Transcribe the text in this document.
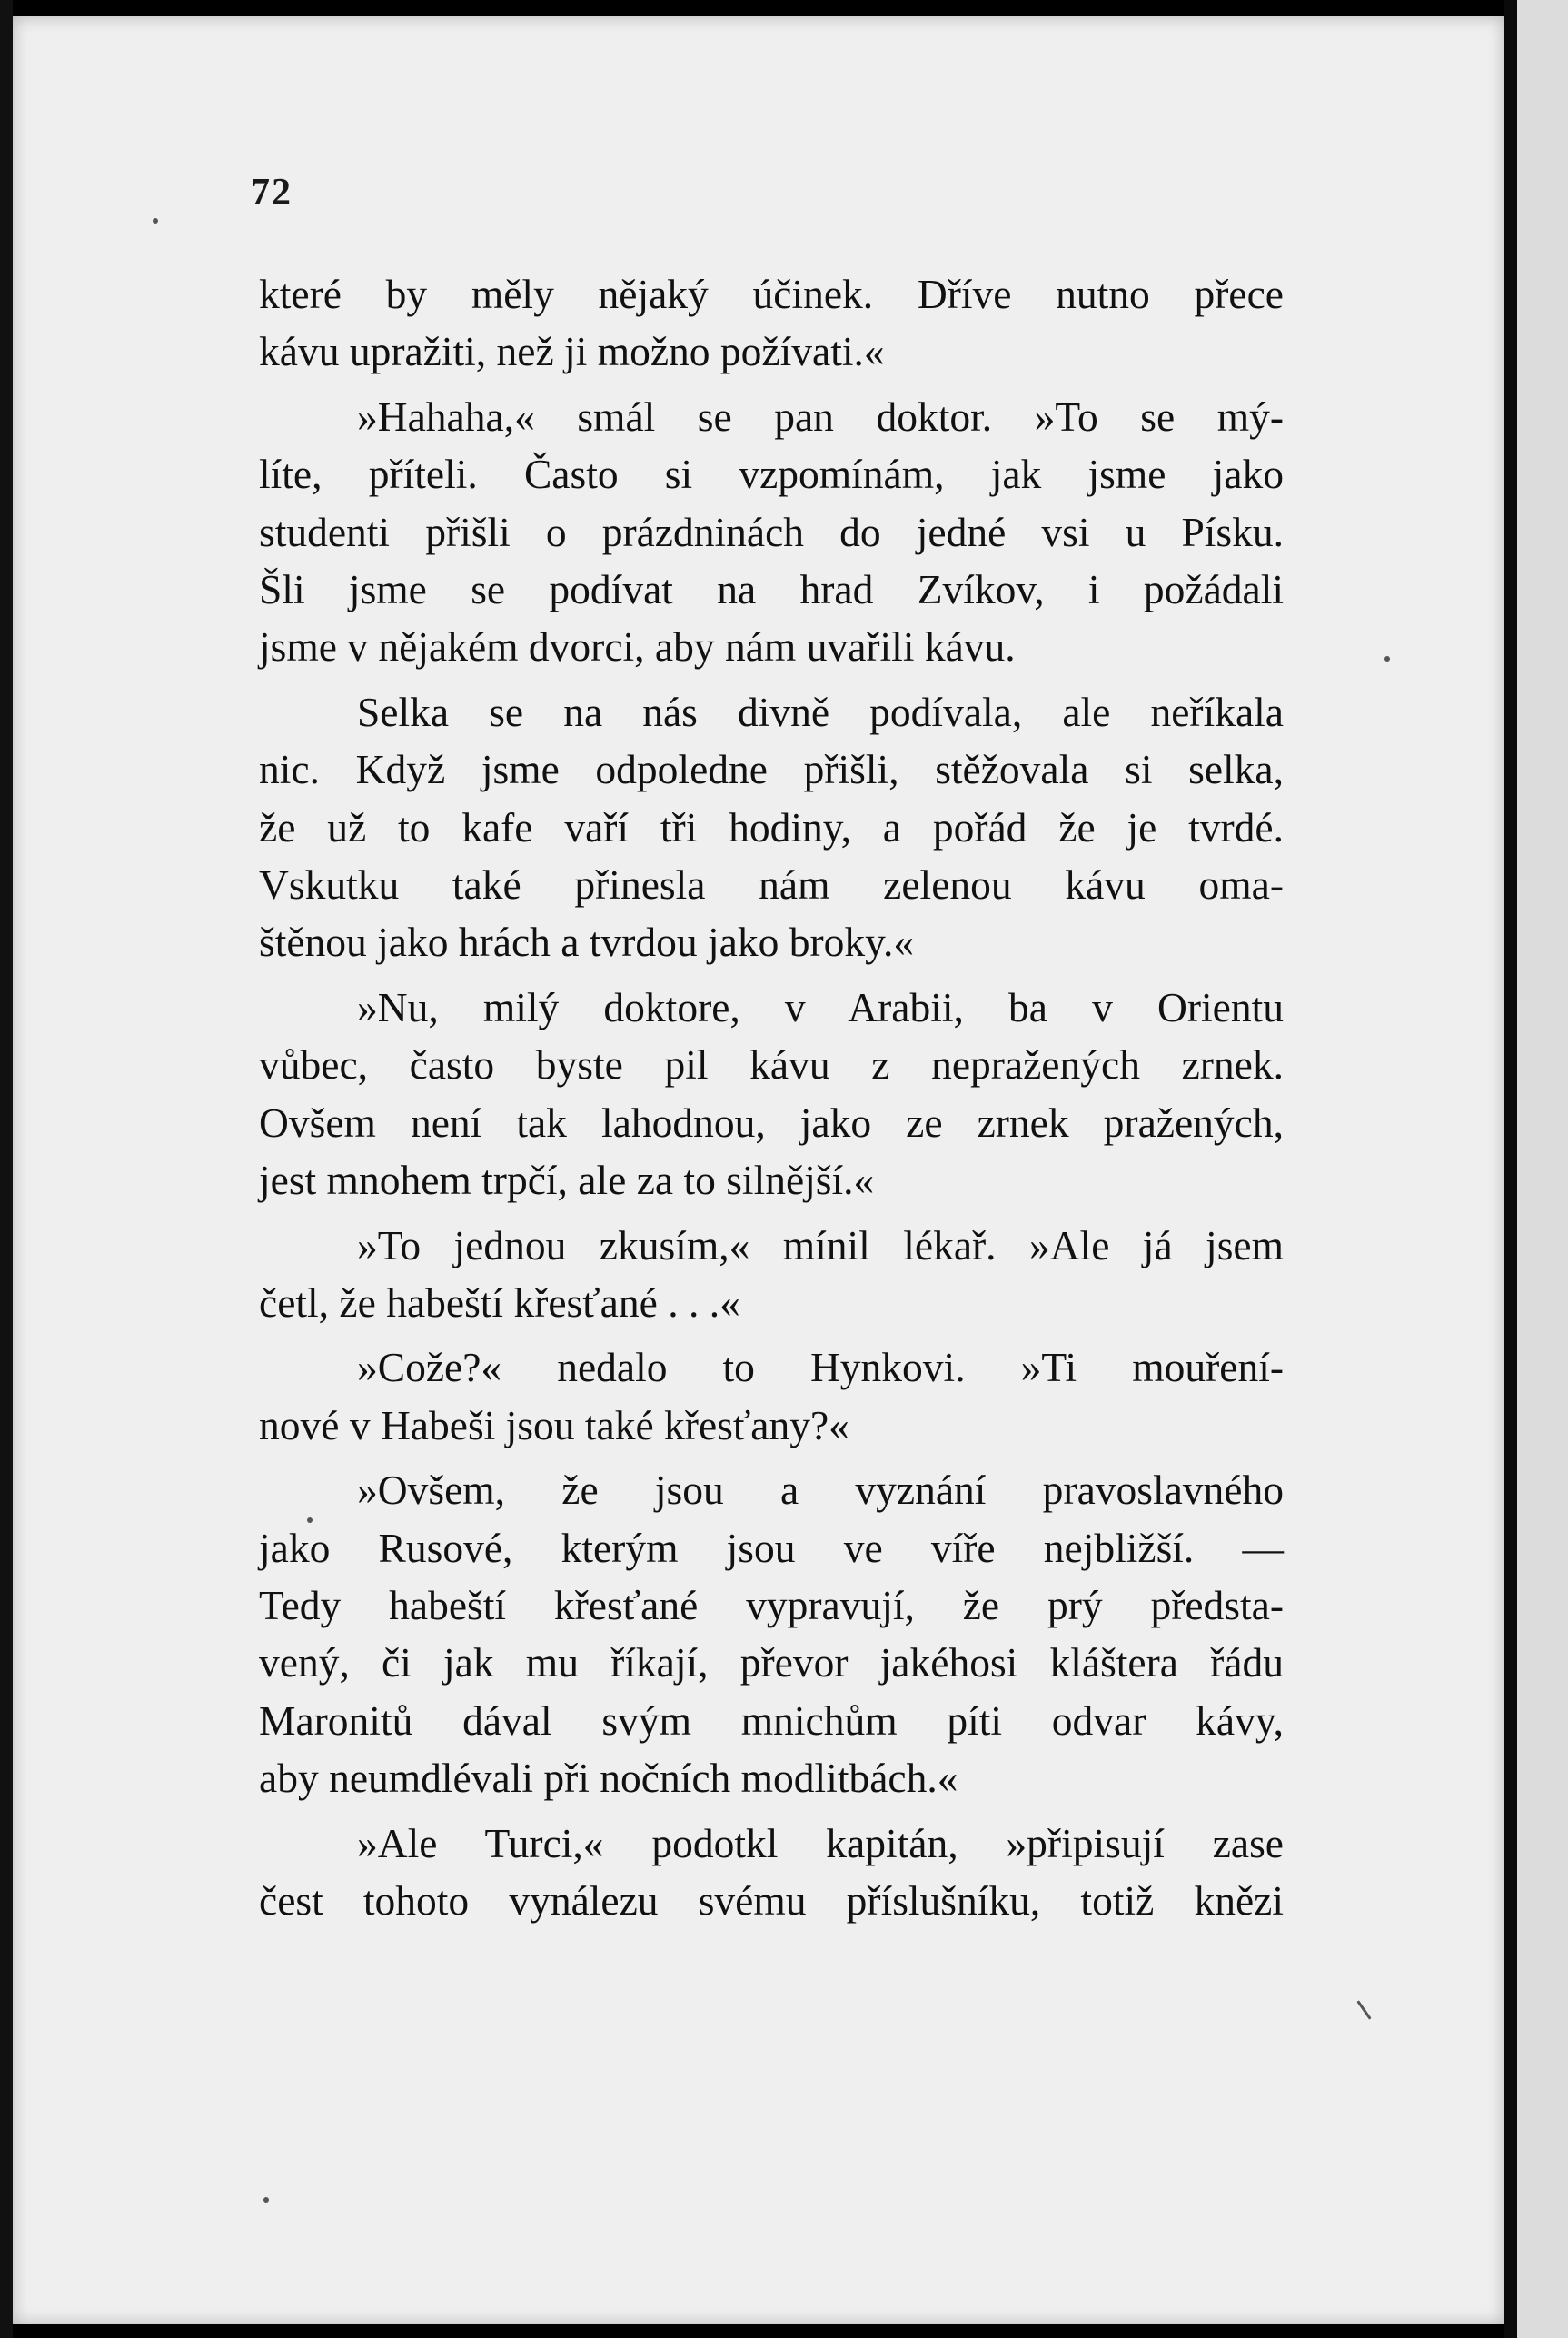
72
které by měly nějaký účinek. Dříve nutno přece
kávu upražiti, než ji možno požívati.«
»Hahaha,« smál se pan doktor. »To se mý-
líte, příteli. Často si vzpomínám, jak jsme jako
studenti přišli o prázdninách do jedné vsi u Písku.
Šli jsme se podívat na hrad Zvíkov, i požádali
jsme v nějakém dvorci, aby nám uvařili kávu.
Selka se na nás divně podívala, ale neříkala
nic. Když jsme odpoledne přišli, stěžovala si selka,
že už to kafe vaří tři hodiny, a pořád že je tvrdé.
Vskutku také přinesla nám zelenou kávu oma-
štěnou jako hrách a tvrdou jako broky.«
»Nu, milý doktore, v Arabii, ba v Orientu
vůbec, často byste pil kávu z nepražených zrnek.
Ovšem není tak lahodnou, jako ze zrnek pražených,
jest mnohem trpčí, ale za to silnější.«
»To jednou zkusím,« mínil lékař. »Ale já jsem
četl, že habeští křesťané . . .«
»Cože?« nedalo to Hynkovi. »Ti mouření-
nové v Habeši jsou také křesťany?«
»Ovšem, že jsou a vyznání pravoslavného
jako Rusové, kterým jsou ve víře nejbližší. —
Tedy habeští křesťané vypravují, že prý předsta-
vený, či jak mu říkají, převor jakéhosi kláštera řádu
Maronitů dával svým mnichům píti odvar kávy,
aby neumdlévali při nočních modlitbách.«
»Ale Turci,« podotkl kapitán, »připisují zase
čest tohoto vynálezu svému příslušníku, totiž knězi
